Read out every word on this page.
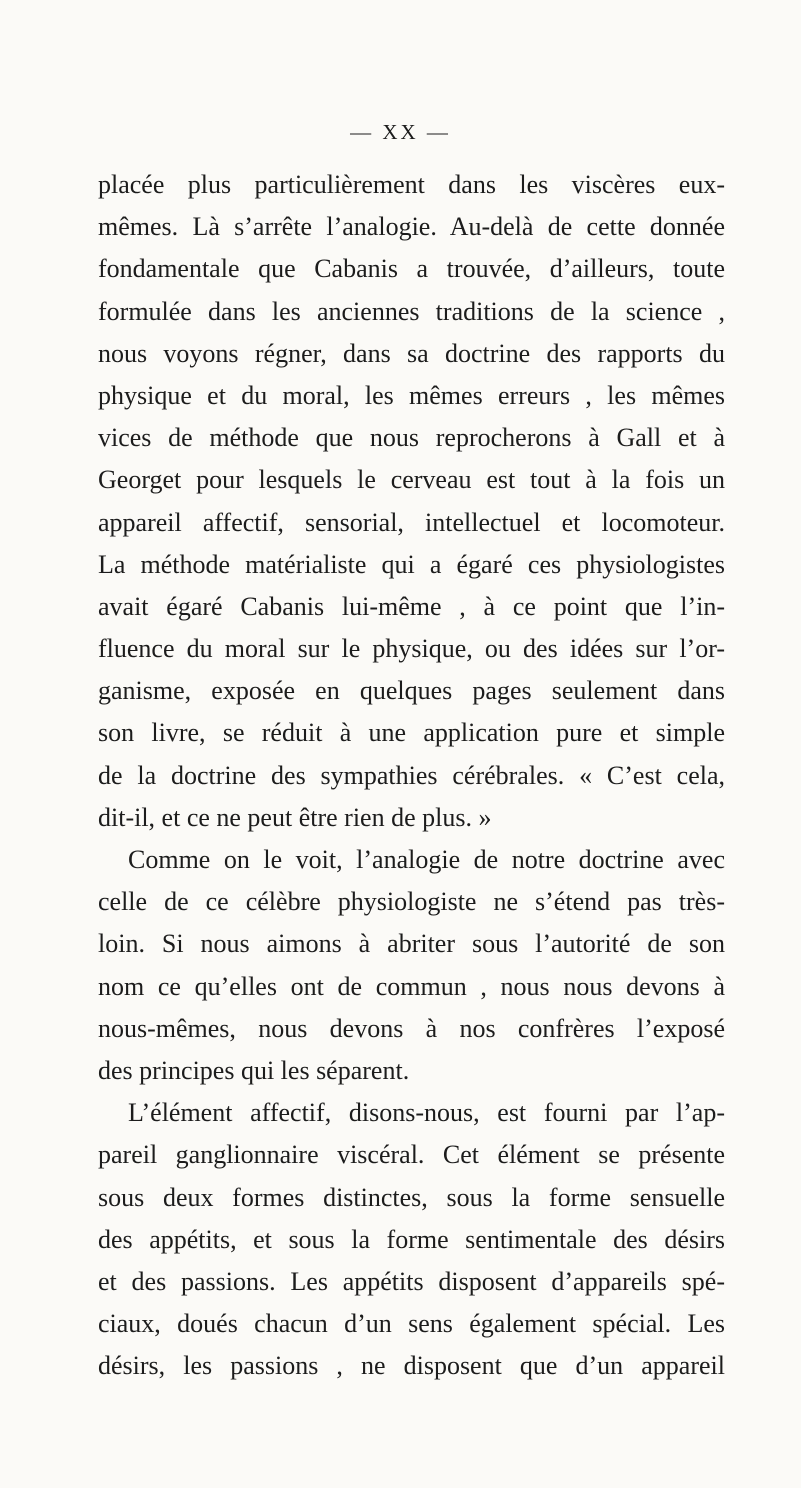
— XX —
placée plus particulièrement dans les viscères eux-
mêmes. Là s’arrête l’analogie. Au-delà de cette donnée
fondamentale que Cabanis a trouvée, d’ailleurs, toute
formulée dans les anciennes traditions de la science ,
nous voyons régner, dans sa doctrine des rapports du
physique et du moral, les mêmes erreurs , les mêmes
vices de méthode que nous reprocherons à Gall et à
Georget pour lesquels le cerveau est tout à la fois un
appareil affectif, sensorial, intellectuel et locomoteur.
La méthode matérialiste qui a égaré ces physiologistes
avait égaré Cabanis lui-même , à ce point que l’in-
fluence du moral sur le physique, ou des idées sur l’or-
ganisme, exposée en quelques pages seulement dans
son livre, se réduit à une application pure et simple
de la doctrine des sympathies cérébrales. « C’est cela,
dit-il, et ce ne peut être rien de plus. »
Comme on le voit, l’analogie de notre doctrine avec
celle de ce célèbre physiologiste ne s’étend pas très-
loin. Si nous aimons à abriter sous l’autorité de son
nom ce qu’elles ont de commun , nous nous devons à
nous-mêmes, nous devons à nos confrères l’exposé
des principes qui les séparent.
L’élément affectif, disons-nous, est fourni par l’ap-
pareil ganglionnaire viscéral. Cet élément se présente
sous deux formes distinctes, sous la forme sensuelle
des appétits, et sous la forme sentimentale des désirs
et des passions. Les appétits disposent d’appareils spé-
ciaux, doués chacun d’un sens également spécial. Les
désirs, les passions , ne disposent que d’un appareil
